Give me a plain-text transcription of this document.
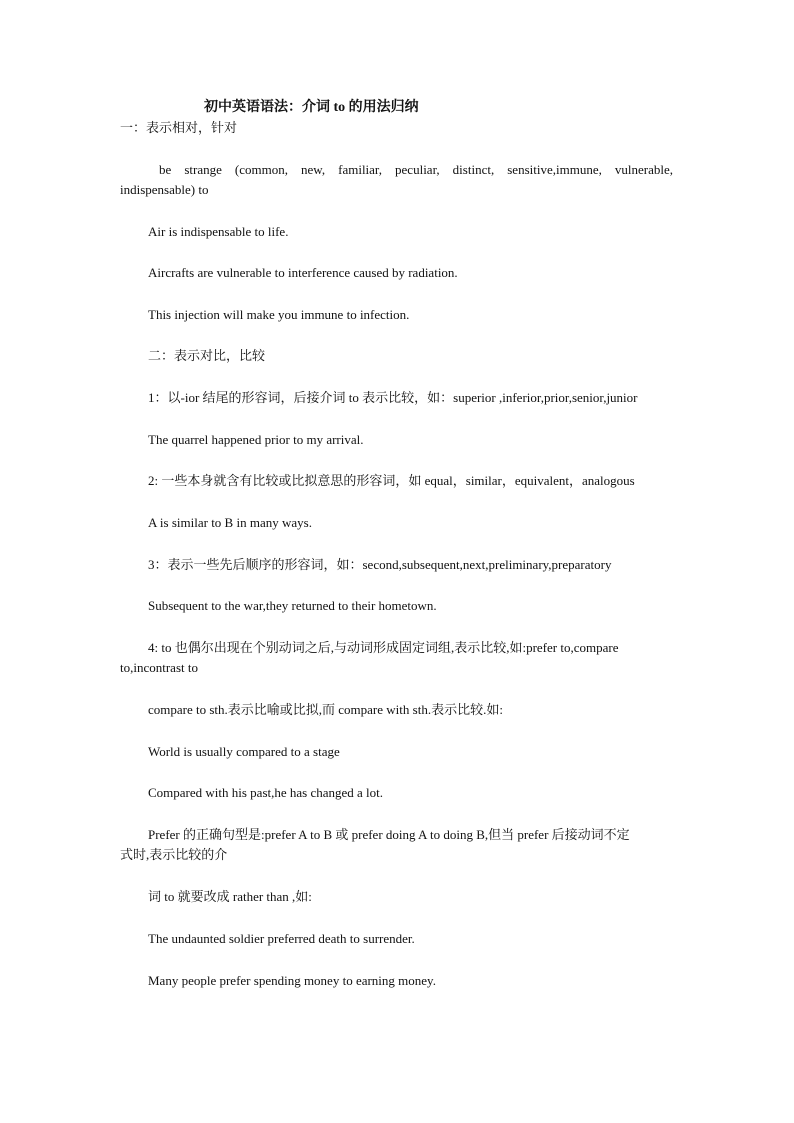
初中英语语法：介词 to 的用法归纳
一：表示相对，针对
be strange (common, new, familiar, peculiar, distinct, sensitive,immune, vulnerable,
indispensable) to
Air is indispensable to life.
Aircrafts are vulnerable to interference caused by radiation.
This injection will make you immune to infection.
二：表示对比，比较
1：以-ior 结尾的形容词，后接介词 to 表示比较，如：superior ,inferior,prior,senior,junior
The quarrel happened prior to my arrival.
2: 一些本身就含有比较或比拟意思的形容词，如 equal，similar，equivalent，analogous
A is similar to B in many ways.
3：表示一些先后顺序的形容词，如：second,subsequent,next,preliminary,preparatory
Subsequent to the war,they returned to their hometown.
4: to 也偶尔出现在个别动词之后,与动词形成固定词组,表示比较,如:prefer to,compare
to,incontrast to
compare to sth.表示比喻或比拟,而 compare with sth.表示比较.如:
World is usually compared to a stage
Compared with his past,he has changed a lot.
Prefer 的正确句型是:prefer A to B 或 prefer doing A to doing B,但当 prefer 后接动词不定
式时,表示比较的介
词 to 就要改成 rather than ,如:
The undaunted soldier preferred death to surrender.
Many people prefer spending money to earning money.
